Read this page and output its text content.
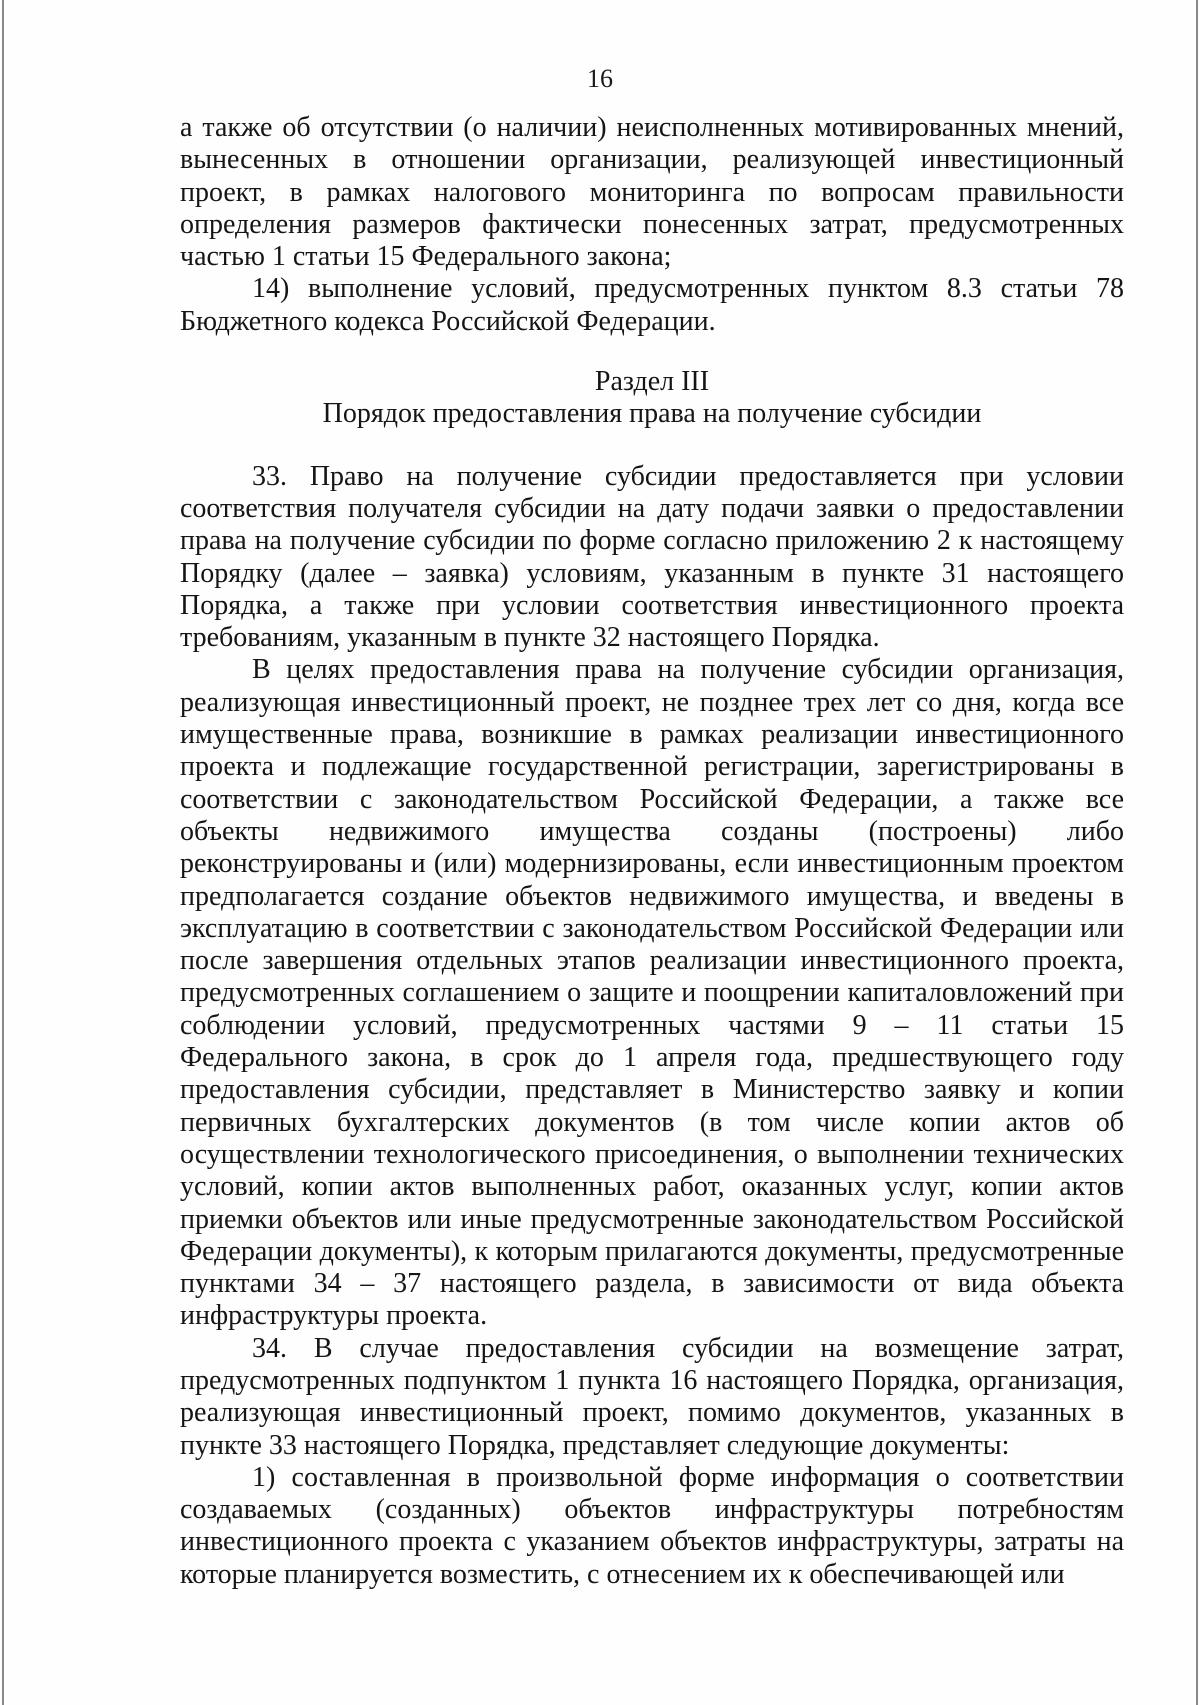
16

а также об отсутствии (о наличии) неисполненных мотивированных мнений, вынесенных в отношении организации, реализующей инвестиционный проект, в рамках налогового мониторинга по вопросам правильности определения размеров фактически понесенных затрат, предусмотренных частью 1 статьи 15 Федерального закона;

14) выполнение условий, предусмотренных пунктом 8.3 статьи 78 Бюджетного кодекса Российской Федерации.

Раздел III

Порядок предоставления права на получение субсидии

33. Право на получение субсидии предоставляется при условии соответствия получателя субсидии на дату подачи заявки о предоставлении права на получение субсидии по форме согласно приложению 2 к настоящему Порядку (далее – заявка) условиям, указанным в пункте 31 настоящего Порядка, а также при условии соответствия инвестиционного проекта требованиям, указанным в пункте 32 настоящего Порядка.

В целях предоставления права на получение субсидии организация, реализующая инвестиционный проект, не позднее трех лет со дня, когда все имущественные права, возникшие в рамках реализации инвестиционного проекта и подлежащие государственной регистрации, зарегистрированы в соответствии с законодательством Российской Федерации, а также все объекты недвижимого имущества созданы (построены) либо реконструированы и (или) модернизированы, если инвестиционным проектом предполагается создание объектов недвижимого имущества, и введены в эксплуатацию в соответствии с законодательством Российской Федерации или после завершения отдельных этапов реализации инвестиционного проекта, предусмотренных соглашением о защите и поощрении капиталовложений при соблюдении условий, предусмотренных частями 9 – 11 статьи 15 Федерального закона, в срок до 1 апреля года, предшествующего году предоставления субсидии, представляет в Министерство заявку и копии первичных бухгалтерских документов (в том числе копии актов об осуществлении технологического присоединения, о выполнении технических условий, копии актов выполненных работ, оказанных услуг, копии актов приемки объектов или иные предусмотренные законодательством Российской Федерации документы), к которым прилагаются документы, предусмотренные пунктами 34 – 37 настоящего раздела, в зависимости от вида объекта инфраструктуры проекта.

34. В случае предоставления субсидии на возмещение затрат, предусмотренных подпунктом 1 пункта 16 настоящего Порядка, организация, реализующая инвестиционный проект, помимо документов, указанных в пункте 33 настоящего Порядка, представляет следующие документы:

1) составленная в произвольной форме информация о соответствии создаваемых (созданных) объектов инфраструктуры потребностям инвестиционного проекта с указанием объектов инфраструктуры, затраты на которые планируется возместить, с отнесением их к обеспечивающей или
